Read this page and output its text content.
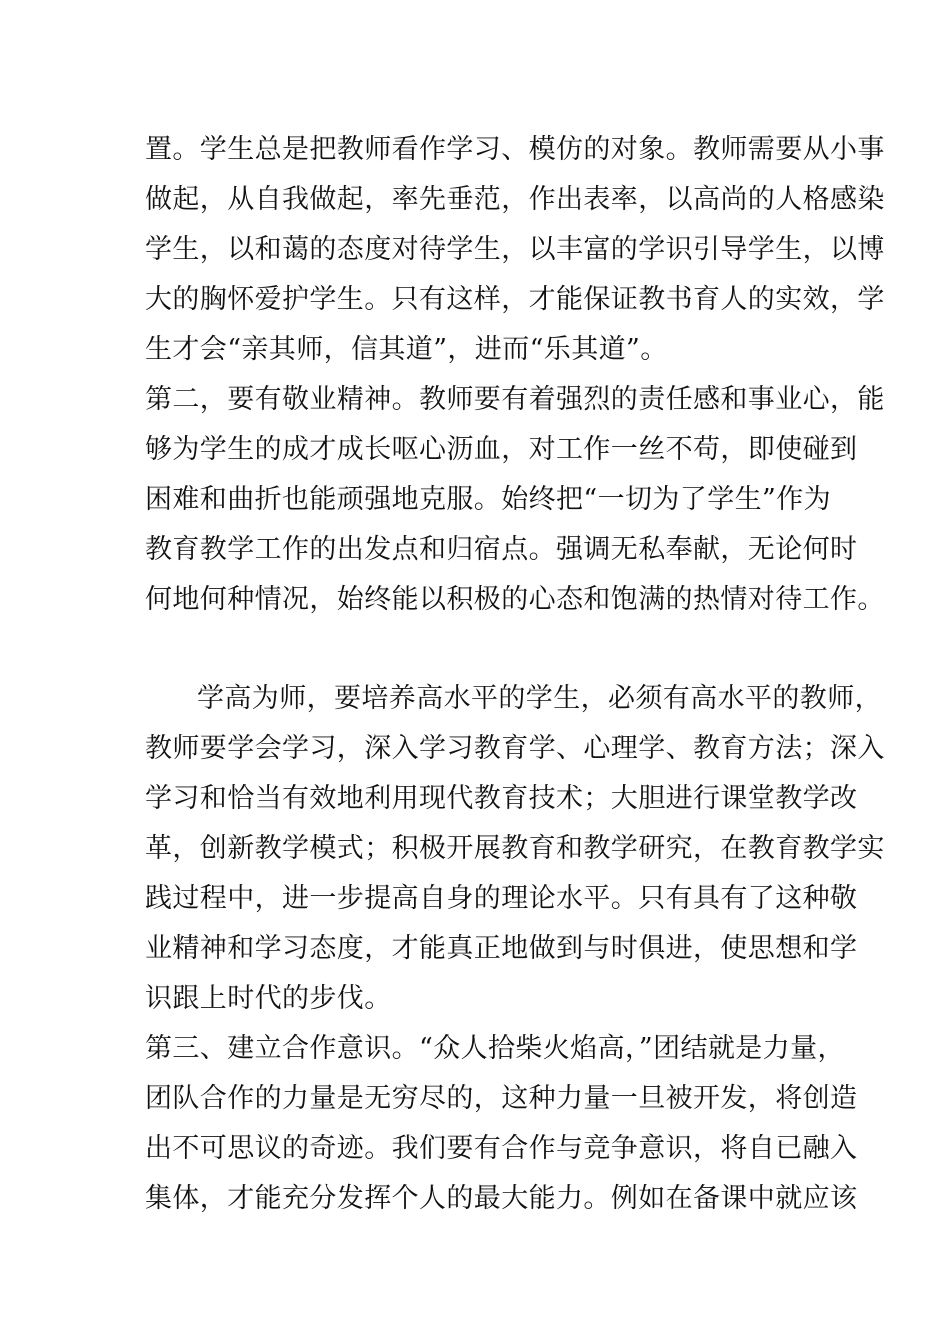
置。学生总是把教师看作学习、模仿的对象。教师需要从小事
做起，从自我做起，率先垂范，作出表率，以高尚的人格感染
学生，以和蔼的态度对待学生，以丰富的学识引导学生，以博
大的胸怀爱护学生。只有这样，才能保证教书育人的实效，学
生才会“亲其师，信其道”，进而“乐其道”。
第二，要有敬业精神。教师要有着强烈的责任感和事业心，能
够为学生的成才成长呕心沥血，对工作一丝不苟，即使碰到
困难和曲折也能顽强地克服。始终把“一切为了学生”作为
教育教学工作的出发点和归宿点。强调无私奉献，无论何时
何地何种情况，始终能以积极的心态和饱满的热情对待工作。
学高为师，要培养高水平的学生，必须有高水平的教师，
教师要学会学习，深入学习教育学、心理学、教育方法；深入
学习和恰当有效地利用现代教育技术；大胆进行课堂教学改
革，创新教学模式；积极开展教育和教学研究，在教育教学实
践过程中，进一步提高自身的理论水平。只有具有了这种敬
业精神和学习态度，才能真正地做到与时俱进，使思想和学
识跟上时代的步伐。
第三、建立合作意识。“众人拾柴火焰高，”团结就是力量，
团队合作的力量是无穷尽的，这种力量一旦被开发，将创造
出不可思议的奇迹。我们要有合作与竞争意识，将自已融入
集体，才能充分发挥个人的最大能力。例如在备课中就应该
